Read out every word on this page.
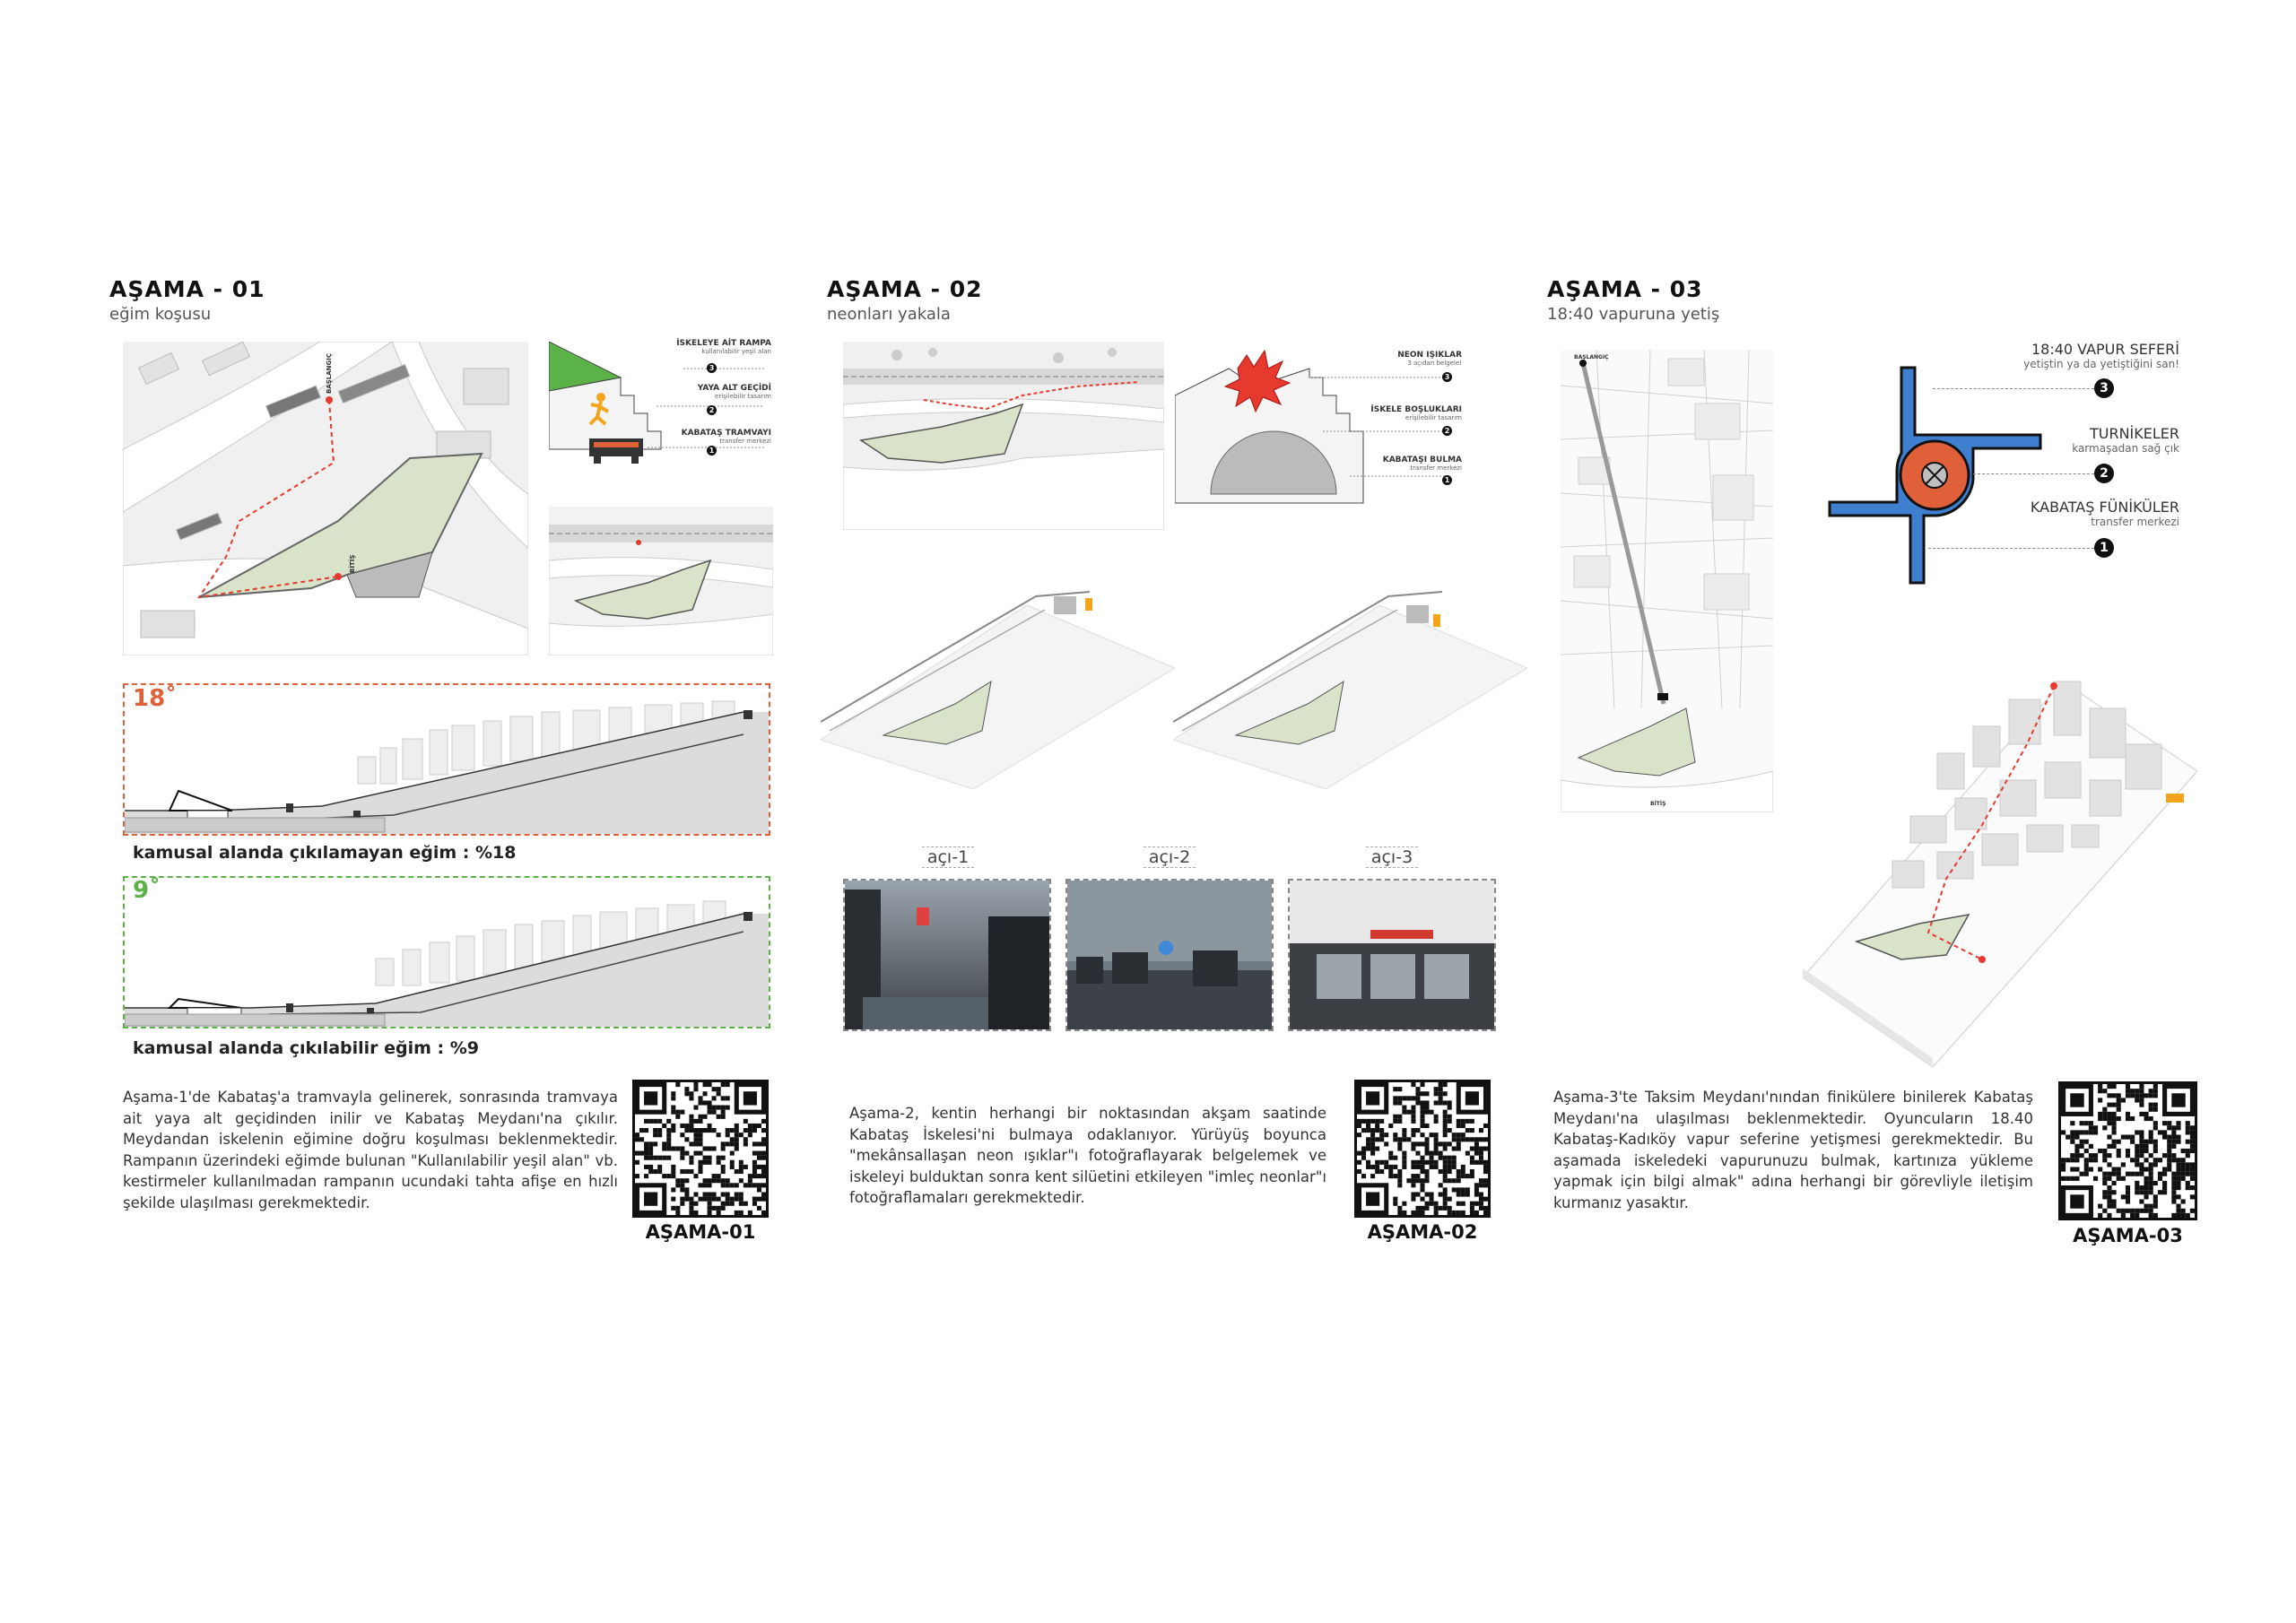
AŞAMA - 01
eğim koşusu
BAŞLANGIÇ
BİTİŞ
İSKELEYE AİT RAMPA
kullanılabilir yeşil alan
3
YAYA ALT GEÇİDİ
erişilebilir tasarım
2
KABATAŞ TRAMVAYI
transfer merkezi
1
18˚
kamusal alanda çıkılamayan eğim : %18
9˚
kamusal alanda çıkılabilir eğim : %9
Aşama-1'de Kabataş'a tramvayla gelinerek, sonrasında tramvaya ait yaya alt geçidinden inilir ve Kabataş Meydanı'na çıkılır. Meydandan iskelenin eğimine doğru koşulması beklenmektedir. Rampanın üzerindeki eğimde bulunan "Kullanılabilir yeşil alan" vb. kestirmeler kullanılmadan rampanın ucundaki tahta afişe en hızlı şekilde ulaşılması gerekmektedir.
AŞAMA-01
AŞAMA - 02
neonları yakala
NEON IŞIKLAR
3 açıdan belgele!
3
İSKELE BOŞLUKLARI
erişilebilir tasarım
2
KABATAŞI BULMA
transfer merkezi
1
açı-1	açı-2	açı-3
Aşama-2, kentin herhangi bir noktasından akşam saatinde Kabataş İskelesi'ni bulmaya odaklanıyor. Yürüyüş boyunca "mekânsallaşan neon ışıklar"ı fotoğraflayarak belgelemek ve iskeleyi bulduktan sonra kent silüetini etkileyen "imleç neonlar"ı fotoğraflamaları gerekmektedir.
AŞAMA-02
AŞAMA - 03
18:40 vapuruna yetiş
BAŞLANGIÇ
BİTİŞ
18:40 VAPUR SEFERİ
yetiştin ya da yetiştiğini san!
3
TURNİKELER
karmaşadan sağ çık
2
KABATAŞ FÜNİKÜLER
transfer merkezi
1
Aşama-3'te Taksim Meydanı'nından finikülere binilerek Kabataş Meydanı'na ulaşılması beklenmektedir. Oyuncuların 18.40 Kabataş-Kadıköy vapur seferine yetişmesi gerekmektedir. Bu aşamada iskeledeki vapurunuzu bulmak, kartınıza yükleme yapmak için bilgi almak" adına herhangi bir görevliyle iletişim kurmanız yasaktır.
AŞAMA-03
